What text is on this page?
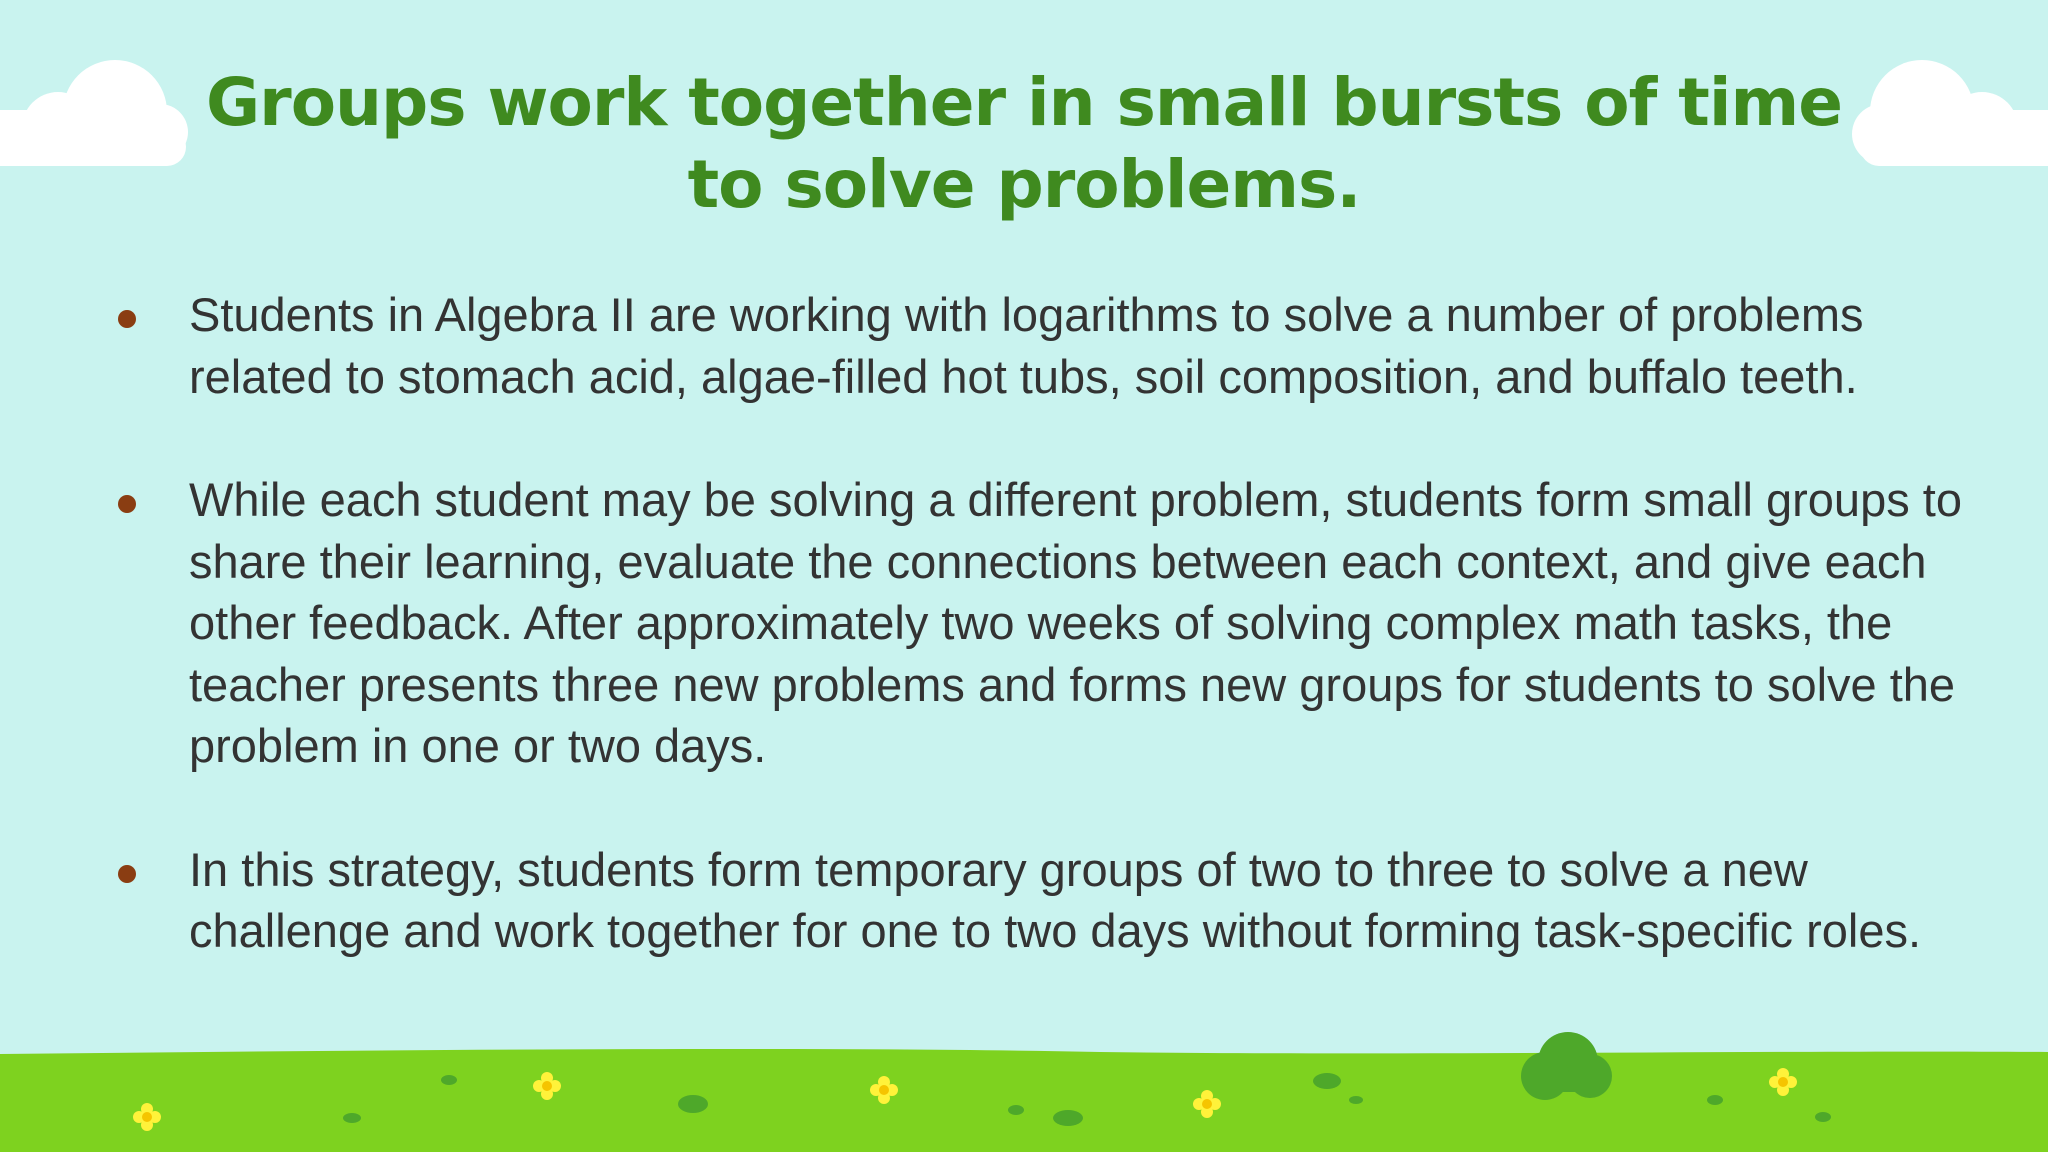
Groups work together in small bursts of time to solve problems.
Students in Algebra II are working with logarithms to solve a number of problems related to stomach acid, algae-filled hot tubs, soil composition, and buffalo teeth.
While each student may be solving a different problem, students form small groups to share their learning, evaluate the connections between each context, and give each other feedback. After approximately two weeks of solving complex math tasks, the teacher presents three new problems and forms new groups for students to solve the problem in one or two days.
In this strategy, students form temporary groups of two to three to solve a new challenge and work together for one to two days without forming task-specific roles.
